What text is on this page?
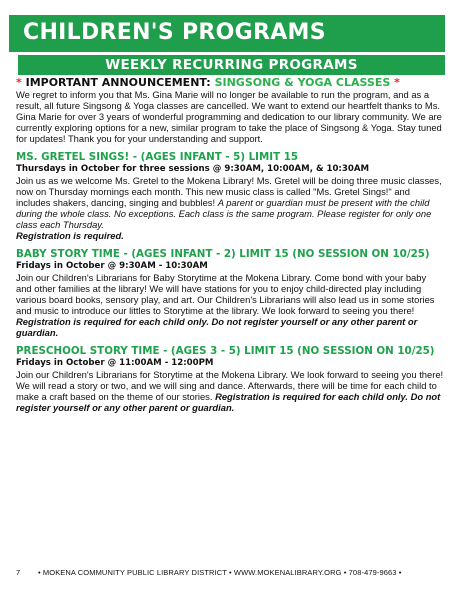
CHILDREN'S PROGRAMS
WEEKLY RECURRING PROGRAMS
* IMPORTANT ANNOUNCEMENT: SINGSONG & YOGA CLASSES *

We regret to inform you that Ms. Gina Marie will no longer be available to run the program, and as a result, all future Singsong & Yoga classes are cancelled. We want to extend our heartfelt thanks to Ms. Gina Marie for over 3 years of wonderful programming and dedication to our library community. We are currently exploring options for a new, similar program to take the place of Singsong & Yoga. Stay tuned for updates! Thank you for your understanding and support.

MS. GRETEL SINGS! - (AGES INFANT - 5) LIMIT 15
Thursdays in October for three sessions @ 9:30AM, 10:00AM, & 10:30AM

Join us as we welcome Ms. Gretel to the Mokena Library! Ms. Gretel will be doing three music classes, now on Thursday mornings each month. This new music class is called "Ms. Gretel Sings!" and includes shakers, dancing, singing and bubbles! A parent or guardian must be present with the child during the whole class. No exceptions. Each class is the same program. Please register for only one class each Thursday.
Registration is required.

BABY STORY TIME - (AGES INFANT - 2) LIMIT 15 (NO SESSION ON 10/25)
Fridays in October @ 9:30AM - 10:30AM

Join our Children's Librarians for Baby Storytime at the Mokena Library. Come bond with your baby and other families at the library! We will have stations for you to enjoy child-directed play including various board books, sensory play, and art. Our Children's Librarians will also lead us in some stories and music to introduce our littles to Storytime at the library. We look forward to seeing you there! Registration is required for each child only. Do not register yourself or any other parent or guardian.

PRESCHOOL STORY TIME - (AGES 3 - 5) LIMIT 15 (NO SESSION ON 10/25)
Fridays in October @ 11:00AM - 12:00PM

Join our Children's Librarians for Storytime at the Mokena Library. We look forward to seeing you there! We will read a story or two, and we will sing and dance. Afterwards, there will be time for each child to make a craft based on the theme of our stories. Registration is required for each child only. Do not register yourself or any other parent or guardian.

7 • MOKENA COMMUNITY PUBLIC LIBRARY DISTRICT • WWW.MOKENALIBRARY.ORG • 708-479-9663 •
